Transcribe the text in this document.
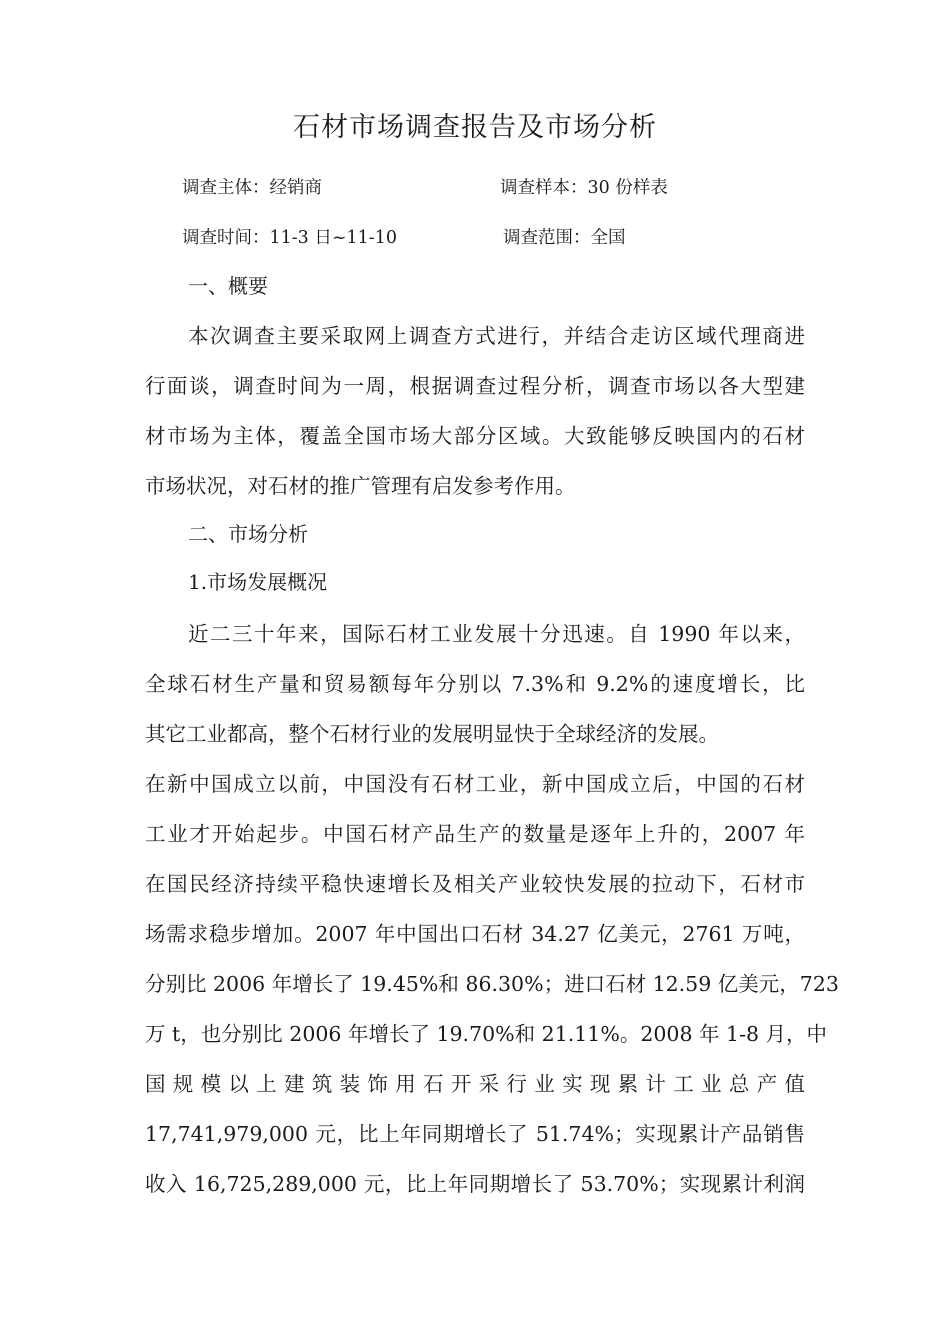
石材市场调查报告及市场分析
调查主体：经销商	调查样本：30 份样表
调查时间：11-3 日~11-10	调查范围：全国
一、概要
本次调查主要采取网上调查方式进行，并结合走访区域代理商进
行面谈，调查时间为一周，根据调查过程分析，调查市场以各大型建
材市场为主体，覆盖全国市场大部分区域。大致能够反映国内的石材
市场状况，对石材的推广管理有启发参考作用。
二、市场分析
1.市场发展概况
近二三十年来，国际石材工业发展十分迅速。自 1990 年以来，
全球石材生产量和贸易额每年分别以 7.3%和 9.2%的速度增长，比
其它工业都高，整个石材行业的发展明显快于全球经济的发展。
在新中国成立以前，中国没有石材工业，新中国成立后，中国的石材
工业才开始起步。中国石材产品生产的数量是逐年上升的，2007 年
在国民经济持续平稳快速增长及相关产业较快发展的拉动下，石材市
场需求稳步增加。2007 年中国出口石材 34.27 亿美元，2761 万吨，
分别比 2006 年增长了 19.45%和 86.30%；进口石材 12.59 亿美元，723
万 t，也分别比 2006 年增长了 19.70%和 21.11%。2008 年 1-8 月，中
国规模以上建筑装饰用石开采行业实现累计工业总产值
17,741,979,000 元，比上年同期增长了 51.74%；实现累计产品销售
收入 16,725,289,000 元，比上年同期增长了 53.70%；实现累计利润
